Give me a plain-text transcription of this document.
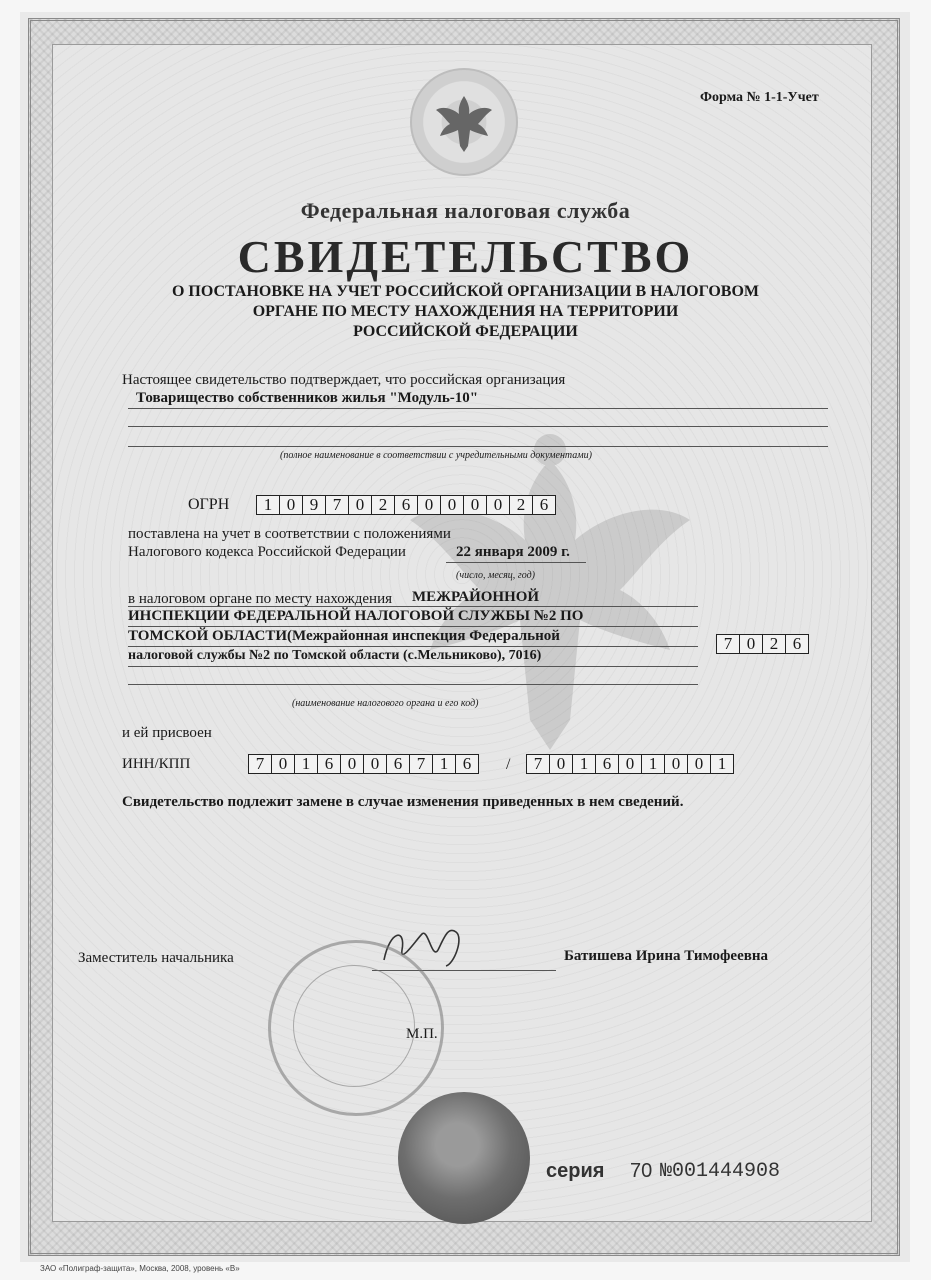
Форма № 1-1-Учет
Федеральная налоговая служба
СВИДЕТЕЛЬСТВО
О ПОСТАНОВКЕ НА УЧЕТ РОССИЙСКОЙ ОРГАНИЗАЦИИ В НАЛОГОВОМ
ОРГАНЕ ПО МЕСТУ НАХОЖДЕНИЯ НА ТЕРРИТОРИИ
РОССИЙСКОЙ ФЕДЕРАЦИИ
Настоящее свидетельство подтверждает, что российская организация
Товарищество собственников жилья "Модуль-10"
(полное наименование в соответствии с учредительными документами)
ОГРН	1 0 9 7 0 2 6 0 0 0 0 2 6
поставлена на учет в соответствии с положениями
Налогового кодекса Российской Федерации	22 января 2009 г.
(число, месяц, год)
в налоговом органе по месту нахождения МЕЖРАЙОННОЙ
ИНСПЕКЦИИ ФЕДЕРАЛЬНОЙ НАЛОГОВОЙ СЛУЖБЫ №2 ПО
ТОМСКОЙ ОБЛАСТИ(Межрайонная инспекция Федеральной
налоговой службы №2 по Томской области (с.Мельниково), 7016)
7 0 2 6
(наименование налогового органа и его код)
и ей присвоен
ИНН/КПП	7 0 1 6 0 0 6 7 1 6	/	7 0 1 6 0 1 0 0 1
Свидетельство подлежит замене в случае изменения приведенных в нем сведений.
Заместитель начальника	Батишева Ирина Тимофеевна
М.П.
серия 70 №001444908
ЗАО «Полиграф-защита», Москва, 2008, уровень «В»
